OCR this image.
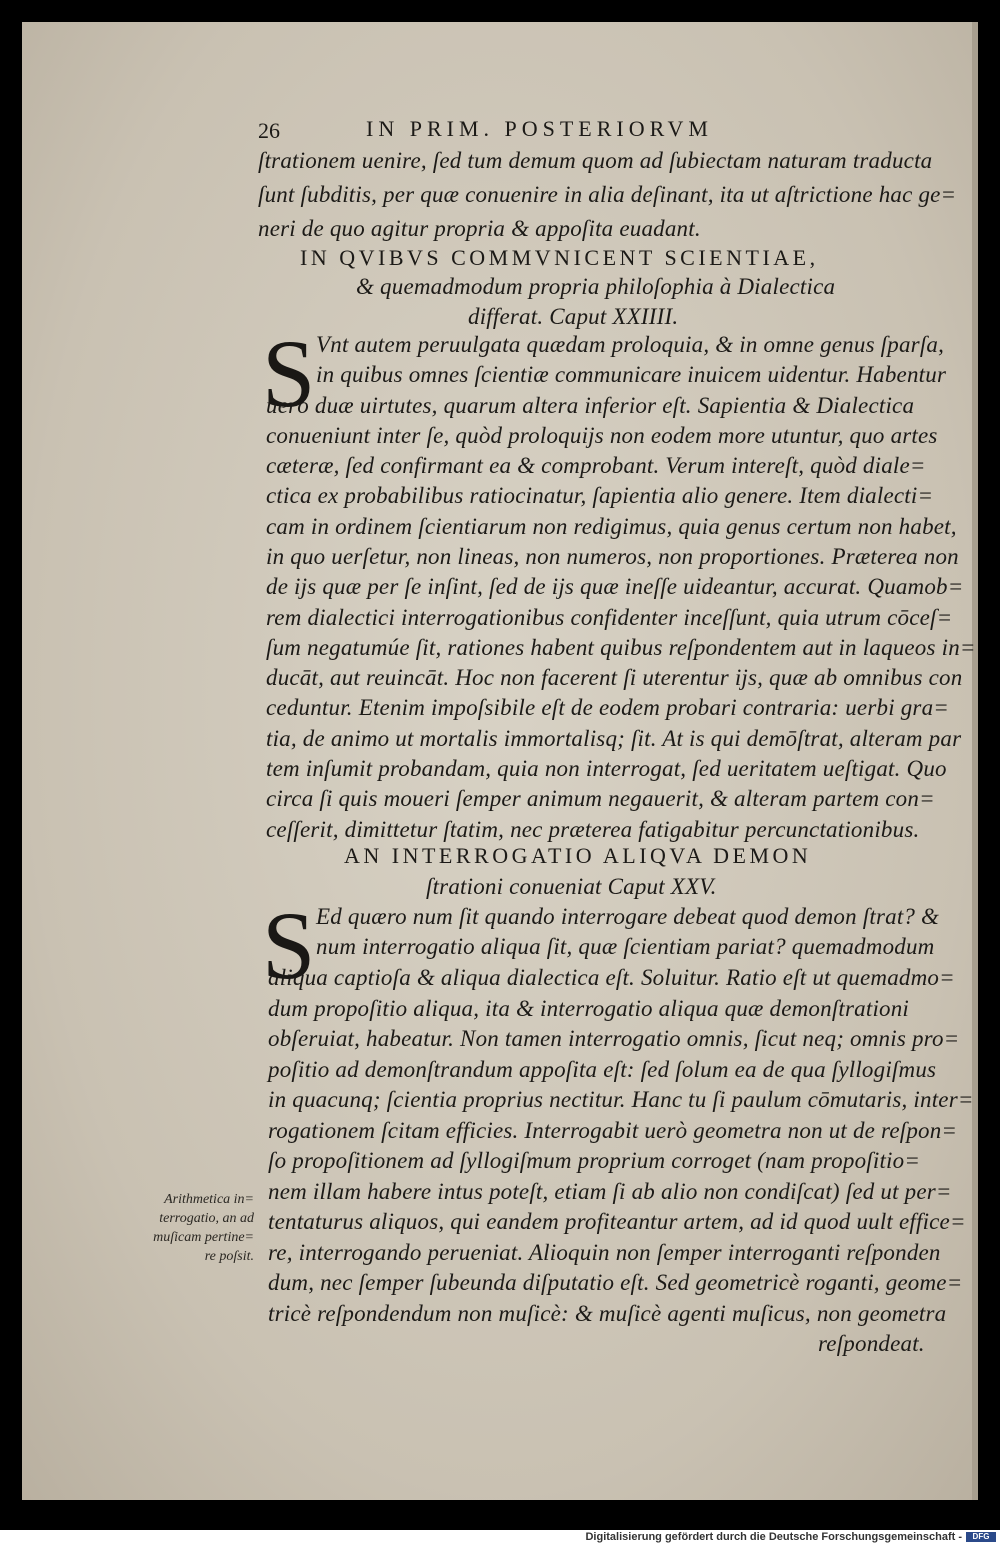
26	IN PRIM. POSTERIORVM
ſtrationem uenire, ſed tum demum quom ad ſubiectam naturam traducta
ſunt ſubditis, per quæ conuenire in alia deſinant, ita ut aſtrictione hac ge=
neri de quo agitur propria & appoſita euadant.
IN QVIBVS COMMVNICENT SCIENTIAE,
& quemadmodum propria philoſophia à Dialectica
differat. Caput XXIIII.
S Vnt autem peruulgata quædam proloquia, & in omne genus ſparſa,
in quibus omnes ſcientiæ communicare inuicem uidentur. Habentur
uerò duæ uirtutes, quarum altera inferior eſt. Sapientia & Dialectica
conueniunt inter ſe, quòd proloquijs non eodem more utuntur, quo artes
cæteræ, ſed confirmant ea & comprobant. Verum intereſt, quòd diale=
ctica ex probabilibus ratiocinatur, ſapientia alio genere. Item dialecti=
cam in ordinem ſcientiarum non redigimus, quia genus certum non habet,
in quo uerſetur, non lineas, non numeros, non proportiones. Præterea non
de ijs quæ per ſe inſint, ſed de ijs quæ ineſſe uideantur, accurat. Quamob=
rem dialectici interrogationibus confidenter inceſſunt, quia utrum cōceſ=
ſum negatumúe ſit, rationes habent quibus reſpondentem aut in laqueos in=
ducāt, aut reuincāt. Hoc non facerent ſi uterentur ijs, quæ ab omnibus con
ceduntur. Etenim impoſsibile eſt de eodem probari contraria: uerbi gra=
tia, de animo ut mortalis immortalisq; ſit. At is qui demōſtrat, alteram par
tem inſumit probandam, quia non interrogat, ſed ueritatem ueſtigat. Quo
circa ſi quis moueri ſemper animum negauerit, & alteram partem con=
ceſſerit, dimittetur ſtatim, nec præterea fatigabitur percunctationibus.
AN INTERROGATIO ALIQVA DEMON
ſtrationi conueniat Caput XXV.
S Ed quæro num ſit quando interrogare debeat quod demon ſtrat? &
num interrogatio aliqua ſit, quæ ſcientiam pariat? quemadmodum
aliqua captioſa & aliqua dialectica eſt. Soluitur. Ratio eſt ut quemadmo=
dum propoſitio aliqua, ita & interrogatio aliqua quæ demonſtrationi
obſeruiat, habeatur. Non tamen interrogatio omnis, ſicut neq; omnis pro=
poſitio ad demonſtrandum appoſita eſt: ſed ſolum ea de qua ſyllogiſmus
in quacunq; ſcientia proprius nectitur. Hanc tu ſi paulum cōmutaris, inter=
rogationem ſcitam efficies. Interrogabit uerò geometra non ut de reſpon=
ſo propoſitionem ad ſyllogiſmum proprium corroget (nam propoſitio=
nem illam habere intus poteſt, etiam ſi ab alio non condiſcat) ſed ut per=
tentaturus aliquos, qui eandem profiteantur artem, ad id quod uult effice=
re, interrogando perueniat. Alioquin non ſemper interroganti reſponden
dum, nec ſemper ſubeunda diſputatio eſt. Sed geometricè roganti, geome=
tricè reſpondendum non muſicè: & muſicè agenti muſicus, non geometra
reſpondeat.
Arithmetica in=
terrogatio, an ad
muſicam pertine=
re poſsit.
Digitalisierung gefördert durch die Deutsche Forschungsgemeinschaft -	DFG
